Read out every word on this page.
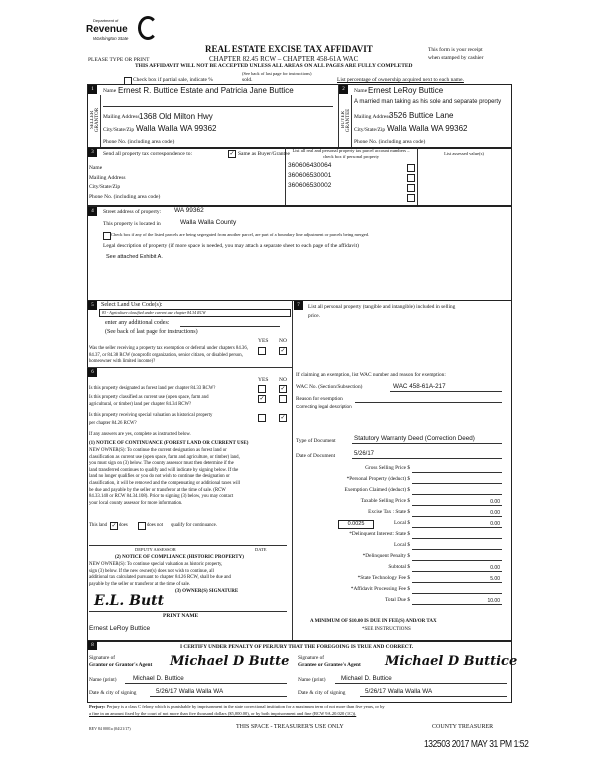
Department of
Revenue
Washington State
REAL ESTATE EXCISE TAX AFFIDAVIT
PLEASE TYPE OR PRINT	CHAPTER 82.45 RCW – CHAPTER 458-61A WAC
This form is your receipt
when stamped by cashier
THIS AFFIDAVIT WILL NOT BE ACCEPTED UNLESS ALL AREAS ON ALL PAGES ARE FULLY COMPLETED
(See back of last page for instructions)
Check box if partial sale, indicate %	sold.	List percentage of ownership acquired next to each name.
1
SELLER GRANTOR
Name Ernest R. Buttice Estate and Patricia Jane Buttice
Mailing Address 1368 Old Milton Hwy
City/State/Zip Walla Walla WA 99362
Phone No. (including area code)
2
BUYER GRANTEE
Name Ernest LeRoy Buttice
A married man taking as his sole and separate property
Mailing Address
3526 Buttice Lane
City/State/Zip Walla Walla WA 99362
Phone No. (including area code)
3	Send all property tax correspondence to:	✓ Same as Buyer/Grantee
Name
Mailing Address
City/State/Zip
Phone No. (including area code)
List all real and personal property tax parcel account numbers – check box if personal property	List assessed value(s)
360606430064
360606530001
360606530002
4	Street address of property: WA 99362
This property is located in	Walla Walla County
Check box if any of the listed parcels are being segregated from another parcel, are part of a boundary line adjustment or parcels being merged.
Legal description of property (if more space is needed, you may attach a separate sheet to each page of the affidavit)
See attached Exhibit A.
5	Select Land Use Code(s):
83 - Agriculture classified under current use chapter 84.34 RCW
enter any additional codes:
(See back of last page for instructions)
YES NO
Was the seller receiving a property tax exemption or deferral under chapters 84.36, 84.37, or 84.38 RCW (nonprofit organization, senior citizen, or disabled person, homeowner with limited income)?
✓
6
YES NO
Is this property designated as forest land per chapter 84.33 RCW?	✓
Is this property classified as current use (open space, farm and
agricultural, or timber) land per chapter 84.34 RCW?
✓
Is this property receiving special valuation as historical property
per chapter 84.26 RCW?
✓
If any answers are yes, complete as instructed below.
(1) NOTICE OF CONTINUANCE (FOREST LAND OR CURRENT USE)
NEW OWNER(S): To continue the current designation as forest land or
classification as current use (open space, farm and agriculture, or timber) land,
you must sign on (3) below. The county assessor must then determine if the
land transferred continues to qualify and will indicate by signing below. If the
land no longer qualifies or you do not wish to continue the designation or
classification, it will be removed and the compensating or additional taxes will
be due and payable by the seller or transferor at the time of sale. (RCW
84.33.140 or RCW 84.34.108). Prior to signing (3) below, you may contact
your local county assessor for more information.
This land ✓ does	does not qualify for continuance.
DEPUTY ASSESSOR	DATE
(2) NOTICE OF COMPLIANCE (HISTORIC PROPERTY)
NEW OWNER(S): To continue special valuation as historic property,
sign (3) below. If the new owner(s) does not wish to continue, all
additional tax calculated pursuant to chapter 84.26 RCW, shall be due and
payable by the seller or transferor at the time of sale.
(3) OWNER(S) SIGNATURE
E.L. Butt
PRINT NAME
Ernest LeRoy Buttice
7	List all personal property (tangible and intangible) included in selling
price.
If claiming an exemption, list WAC number and reason for exemption:
WAC No. (Section/Subsection)	WAC 458-61A-217
Reason for exemption
Correcting legal description
Type of Document	Statutory Warranty Deed (Correction Deed)
Date of Document	5/26/17
Gross Selling Price $
*Personal Property (deduct) $
Exemption Claimed (deduct) $
Taxable Selling Price $	0.00
Excise Tax : State $	0.00
Local $	0.00
*Delinquent Interest: State $
Local $
*Delinquent Penalty $
Subtotal $	0.00
*State Technology Fee $	5.00
*Affidavit Processing Fee $
Total Due $	10.00
0.0025
A MINIMUM OF $10.00 IS DUE IN FEE(S) AND/OR TAX
*SEE INSTRUCTIONS
8	I CERTIFY UNDER PENALTY OF PERJURY THAT THE FOREGOING IS TRUE AND CORRECT.
Signature of
Grantor or Grantor's Agent Michael D Butte Signature of
Grantee or Grantee's Agent Michael D Buttice
Name (print)	Michael D. Buttice	Name (print) Michael D. Buttice
Date & city of signing	5/26/17 Walla Walla WA	Date & city of signing	5/26/17 Walla Walla WA
Perjury: Perjury is a class C felony which is punishable by imprisonment in the state correctional institution for a maximum term of not more than five years, or by
a fine in an amount fixed by the court of not more than five thousand dollars ($5,000.00), or by both imprisonment and fine (RCW 9A.20.020 (1C)).
REV 84 0001a (04/21/17)	THIS SPACE - TREASURER'S USE ONLY	COUNTY TREASURER
132503 2017 MAY 31 PM 1:52
